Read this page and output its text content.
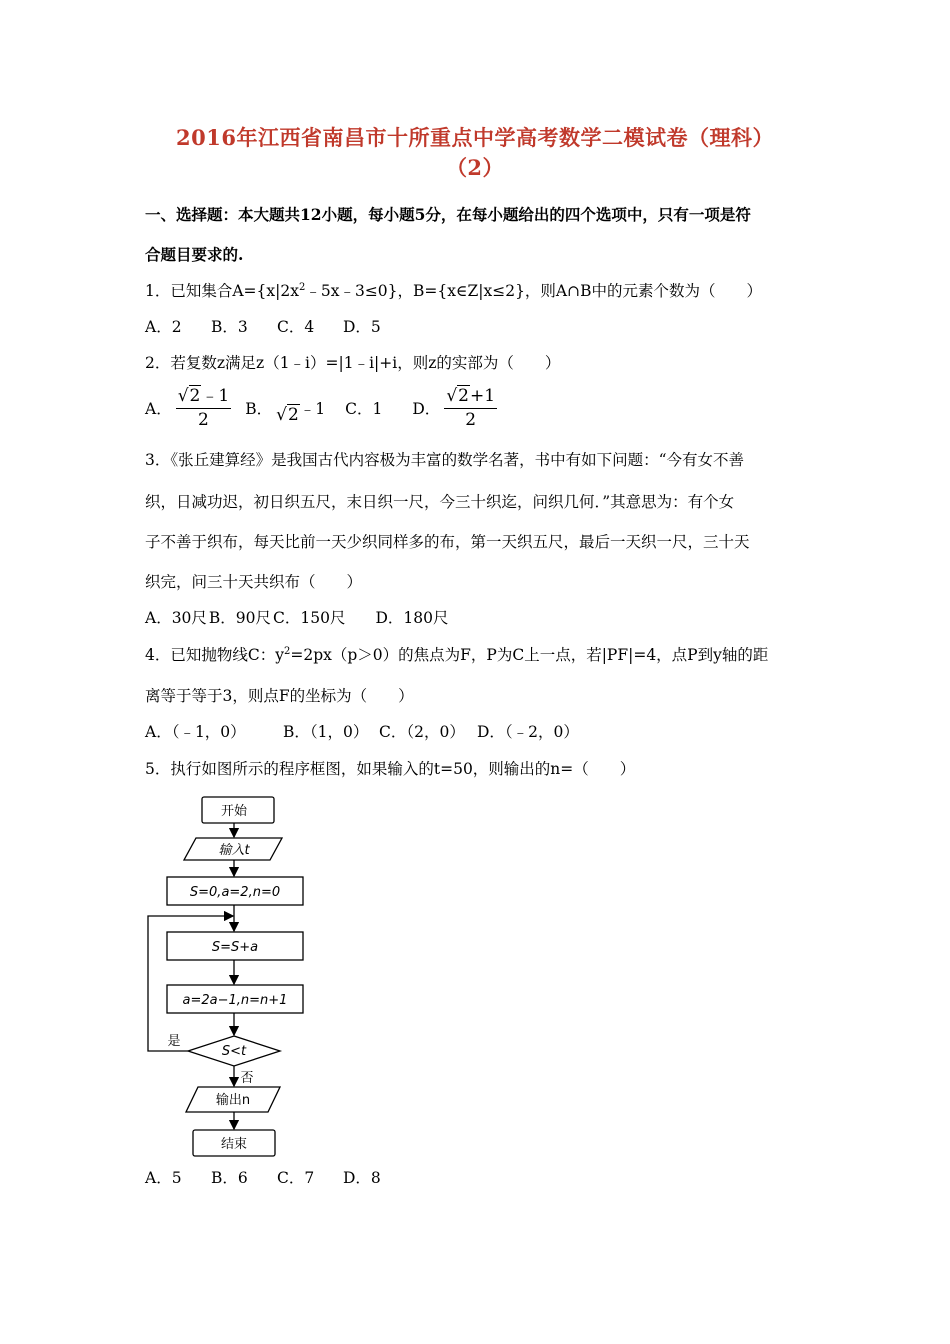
2016年江西省南昌市十所重点中学高考数学二模试卷（理科）
（2）
一、选择题：本大题共12小题，每小题5分，在每小题给出的四个选项中，只有一项是符
合题目要求的.
1．已知集合$A=\{x|2x^2﹣5x﹣3\le 0\}$，B={x∈Z|x≤2}，则A∩B中的元素个数为（　　）
A．2 B．3 C．4 D．5
2．若复数z满足z（1﹣i）=|1﹣i|+i，则z的实部为（　　）
A． $\frac{√2﹣1}{2}$ B． √2 ﹣1 C．1 D． $\frac{√2+1}{2}$
3．《张丘建算经》是我国古代内容极为丰富的数学名著，书中有如下问题：“今有女不善
织，日减功迟，初日织五尺，末日织一尺，今三十织迄，问织几何．”其意思为：有个女
子不善于织布，每天比前一天少织同样多的布，第一天织五尺，最后一天织一尺，三十天
织完，问三十天共织布（　　）
A．30尺 B．90尺 C．150尺 D．180尺
4．已知抛物线C：$y^2=2px(p>0)$的焦点为F，P为C上一点，若|PF|=4，点P到y轴的距
离等于等于3，则点F的坐标为（　　）
A．（﹣1，0） B．（1，0） C．（2，0） D．（﹣2，0）
5．执行如图所示的程序框图，如果输入的t=50，则输出的n=（　　）
开始
输入t
S=0,a=2,n=0
S=S+a
a=2a−1,n=n+1
S<t
是
否
输出n
结束
A．5 B．6 C．7 D．8
